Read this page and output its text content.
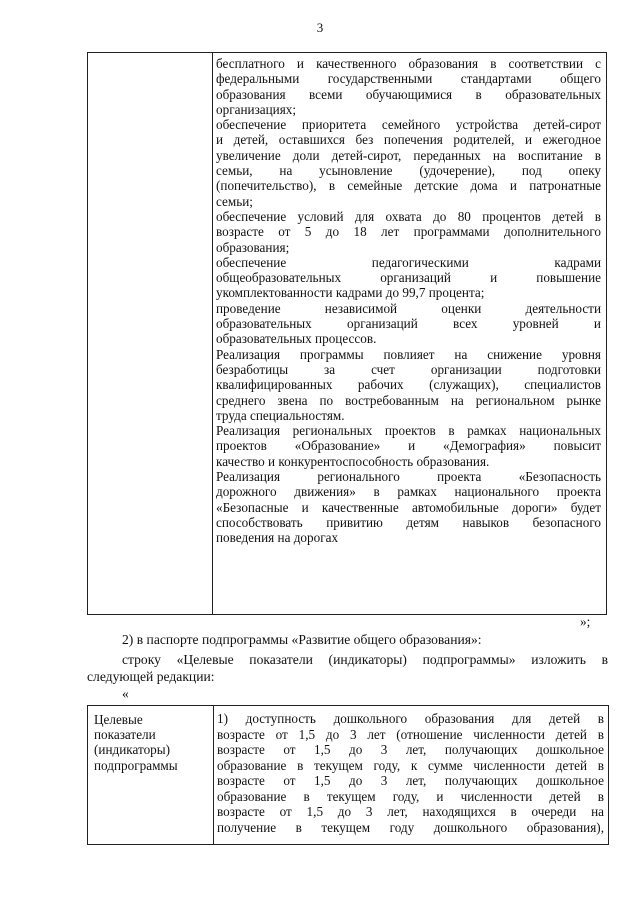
3
бесплатного и качественного образования в соответствии с
федеральными государственными стандартами общего
образования всеми обучающимися в образовательных
организациях;
обеспечение приоритета семейного устройства детей-сирот
и детей, оставшихся без попечения родителей, и ежегодное
увеличение доли детей-сирот, переданных на воспитание в
семьи, на усыновление (удочерение), под опеку
(попечительство), в семейные детские дома и патронатные
семьи;
обеспечение условий для охвата до 80 процентов детей в
возрасте от 5 до 18 лет программами дополнительного
образования;
обеспечение педагогическими кадрами
общеобразовательных организаций и повышение
укомплектованности кадрами до 99,7 процента;
проведение независимой оценки деятельности
образовательных организаций всех уровней и
образовательных процессов.
Реализация программы повлияет на снижение уровня
безработицы за счет организации подготовки
квалифицированных рабочих (служащих), специалистов
среднего звена по востребованным на региональном рынке
труда специальностям.
Реализация региональных проектов в рамках национальных
проектов «Образование» и «Демография» повысит
качество и конкурентоспособность образования.
Реализация регионального проекта «Безопасность
дорожного движения» в рамках национального проекта
«Безопасные и качественные автомобильные дороги» будет
способствовать привитию детям навыков безопасного
поведения на дорогах
»;
2) в паспорте подпрограммы «Развитие общего образования»:
строку «Целевые показатели (индикаторы) подпрограммы» изложить в
следующей редакции:
«
Целевые
показатели
(индикаторы)
подпрограммы
1) доступность дошкольного образования для детей в
возрасте от 1,5 до 3 лет (отношение численности детей в
возрасте от 1,5 до 3 лет, получающих дошкольное
образование в текущем году, к сумме численности детей в
возрасте от 1,5 до 3 лет, получающих дошкольное
образование в текущем году, и численности детей в
возрасте от 1,5 до 3 лет, находящихся в очереди на
получение в текущем году дошкольного образования),
